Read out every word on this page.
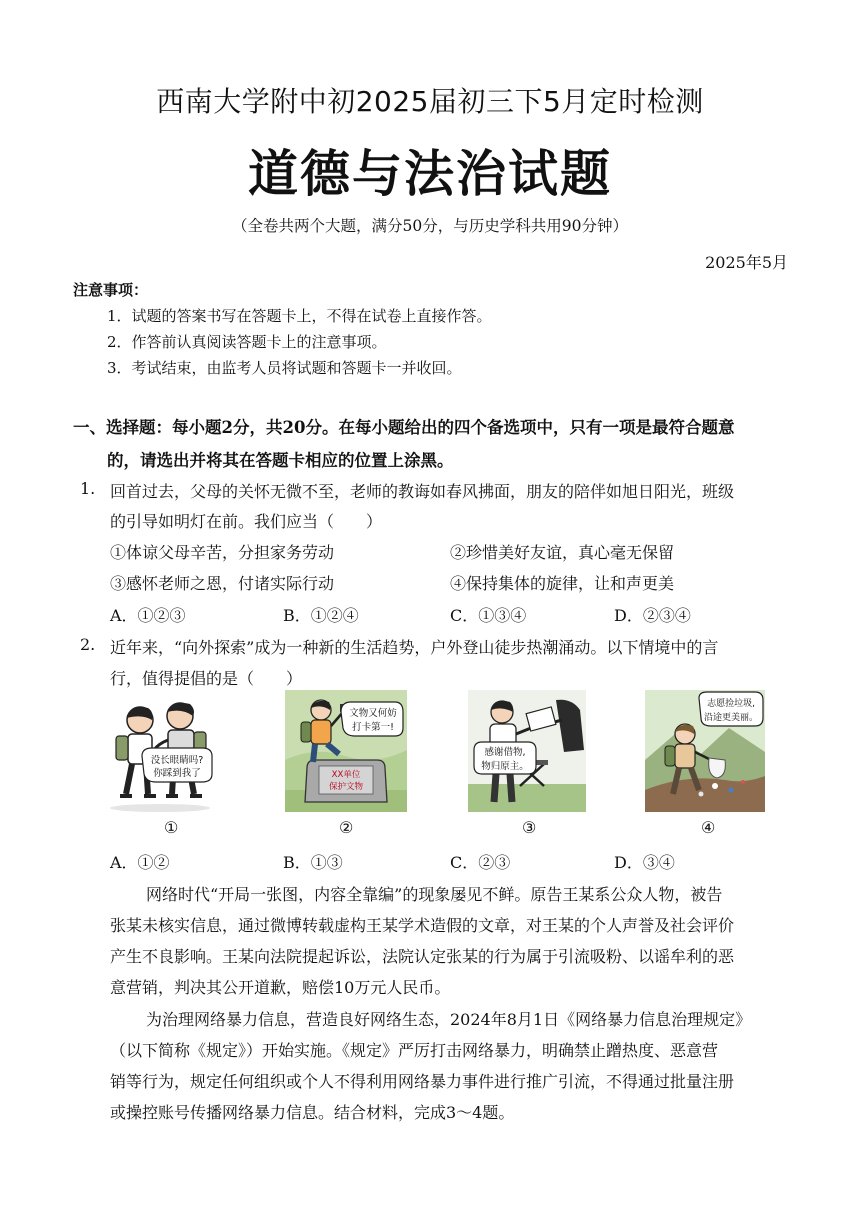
西南大学附中初2025届初三下5月定时检测
道德与法治试题
（全卷共两个大题，满分50分，与历史学科共用90分钟）
2025年5月
注意事项：
1．试题的答案书写在答题卡上，不得在试卷上直接作答。
2．作答前认真阅读答题卡上的注意事项。
3．考试结束，由监考人员将试题和答题卡一并收回。
一、选择题：每小题2分，共20分。在每小题给出的四个备选项中，只有一项是最符合题意
的，请选出并将其在答题卡相应的位置上涂黑。
1. 回首过去，父母的关怀无微不至，老师的教诲如春风拂面，朋友的陪伴如旭日阳光，班级
的引导如明灯在前。我们应当（　　）
①体谅父母辛苦，分担家务劳动	②珍惜美好友谊，真心毫无保留
③感怀老师之恩，付诸实际行动	④保持集体的旋律，让和声更美
A．①②③	B．①②④	C．①③④	D．②③④
2. 近年来，“向外探索”成为一种新的生活趋势，户外登山徒步热潮涌动。以下情境中的言
行，值得提倡的是（　　）
没长眼睛吗?
你踩到我了	XX单位
保护文物
文物又何妨
打卡第一!
感谢借物,
物归原主。
志愿捡垃圾,
沿途更美丽。
①	②	③	④
A．①②	B．①③	C．②③	D．③④
网络时代“开局一张图，内容全靠编”的现象屡见不鲜。原告王某系公众人物，被告
张某未核实信息，通过微博转载虚构王某学术造假的文章，对王某的个人声誉及社会评价
产生不良影响。王某向法院提起诉讼，法院认定张某的行为属于引流吸粉、以谣牟利的恶
意营销，判决其公开道歉，赔偿10万元人民币。
为治理网络暴力信息，营造良好网络生态，2024年8月1日《网络暴力信息治理规定》
（以下简称《规定》）开始实施。《规定》严厉打击网络暴力，明确禁止蹭热度、恶意营
销等行为，规定任何组织或个人不得利用网络暴力事件进行推广引流，不得通过批量注册
或操控账号传播网络暴力信息。结合材料，完成3～4题。
